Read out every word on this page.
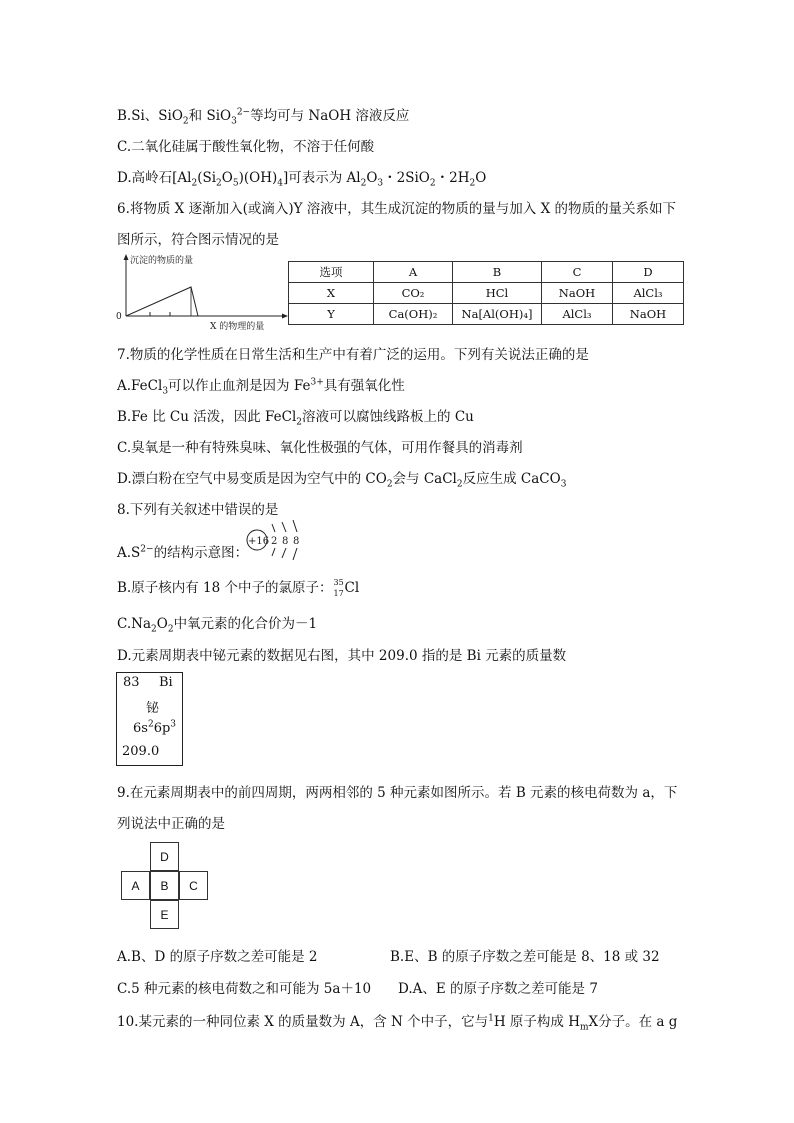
B.Si、SiO$_2$和 SiO$_3^{2-}$等均可与 NaOH 溶液反应
C.二氧化硅属于酸性氧化物，不溶于任何酸
D.高岭石$[Al_2(Si_2O_5)(OH)_4]$可表示为 $Al_2O_3$・2SiO$_2$・$2H_2O$
6.将物质 X 逐渐加入(或滴入)Y 溶液中，其生成沉淀的物质的量与加入 X 的物质的量关系如下
图所示，符合图示情况的是
沉淀的物质的量
0
X 的物理的量
选项	A	B	C	D
X	CO₂	HCl	NaOH	AlCl₃
Y	Ca(OH)₂	Na[Al(OH)₄]	AlCl₃	NaOH
7.物质的化学性质在日常生活和生产中有着广泛的运用。下列有关说法正确的是
A.FeCl$_3$可以作止血剂是因为 $Fe^{3+}$具有强氧化性
B.Fe 比 Cu 活泼，因此 FeCl$_2$溶液可以腐蚀线路板上的 Cu
C.臭氧是一种有特殊臭味、氧化性极强的气体，可用作餐具的消毒剂
D.漂白粉在空气中易变质是因为空气中的 $CO_2$会与 CaCl$_2$反应生成 CaCO$_3$
8.下列有关叙述中错误的是
$A.S^{2-}$的结构示意图：
+16 2 8 8
B.原子核内有 18 个中子的氯原子： 35
17 Cl
$C.Na_2O_2$中氧元素的化合价为－1
D.元素周期表中铋元素的数据见右图，其中 209.0 指的是 Bi 元素的质量数
83 Bi
铋
$6s^26p^3$
209.0
9.在元素周期表中的前四周期，两两相邻的 5 种元素如图所示。若 B 元素的核电荷数为 a，下
列说法中正确的是
D
A	B	C
E
A.B、D 的原子序数之差可能是 2	B.E、B 的原子序数之差可能是 8、18 或 32
C.5 种元素的核电荷数之和可能为 5a＋10 D.A、E 的原子序数之差可能是 7
10.某元素的一种同位素 X 的质量数为 A，含 N 个中子，它与$^1$H 原子构成 $H_mX$分子。在 a g
